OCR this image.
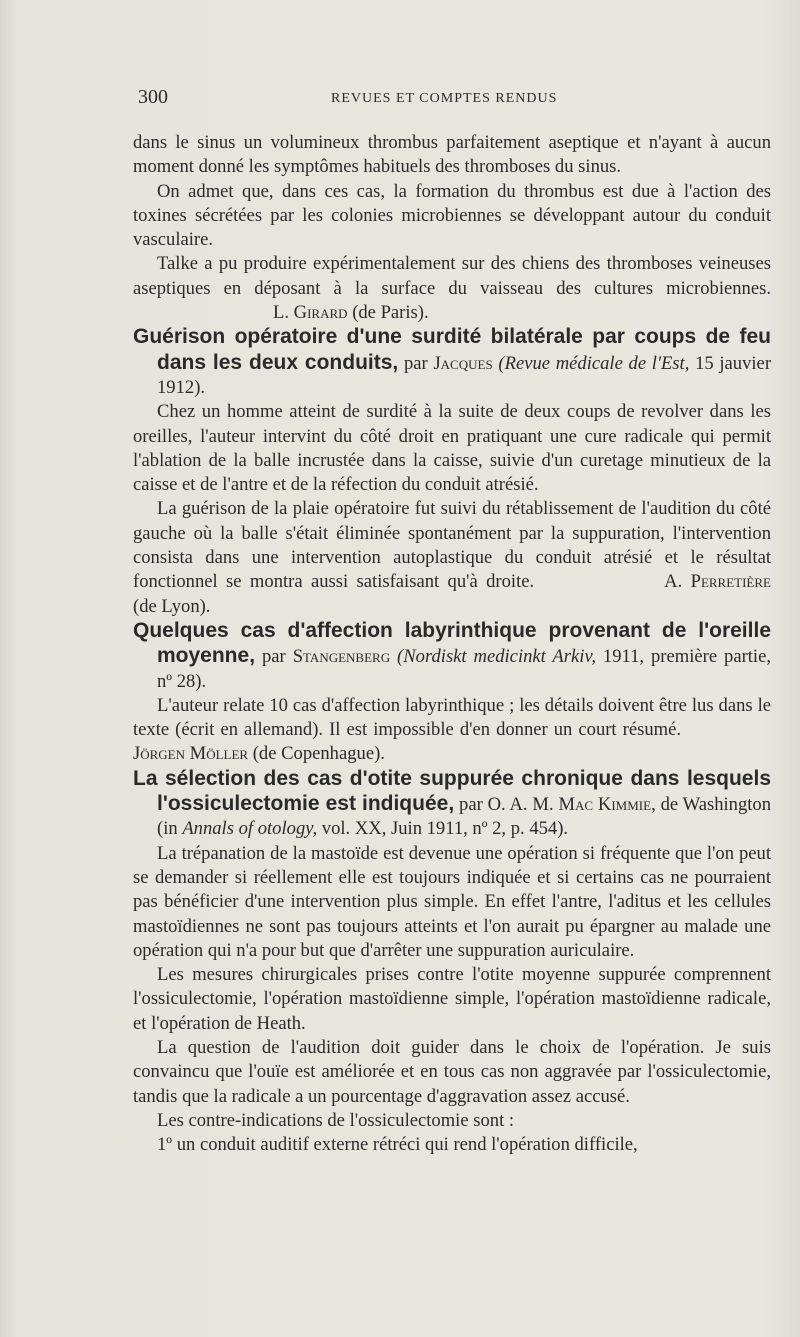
300	REVUES ET COMPTES RENDUS

dans le sinus un volumineux thrombus parfaitement aseptique et n'ayant à aucun moment donné les symptômes habituels des thromboses du sinus.

On admet que, dans ces cas, la formation du thrombus est due à l'action des toxines sécrétées par les colonies microbiennes se développant autour du conduit vasculaire.

Talke a pu produire expérimentalement sur des chiens des thromboses veineuses aseptiques en déposant à la surface du vaisseau des cultures microbiennes.L. Girard (de Paris).

Guérison opératoire d'une surdité bilatérale par coups de feu dans les deux conduits, par Jacques (Revue médicale de l'Est, 15 jauvier 1912).

Chez un homme atteint de surdité à la suite de deux coups de revolver dans les oreilles, l'auteur intervint du côté droit en pratiquant une cure radicale qui permit l'ablation de la balle incrustée dans la caisse, suivie d'un curetage minutieux de la caisse et de l'antre et de la réfection du conduit atrésié.

La guérison de la plaie opératoire fut suivi du rétablissement de l'audition du côté gauche où la balle s'était éliminée spontanément par la suppuration, l'intervention consista dans une intervention autoplastique du conduit atrésié et le résultat fonctionnel se montra aussi satisfaisant qu'à droite.	A. Perretière (de Lyon).

Quelques cas d'affection labyrinthique provenant de l'oreille moyenne, par Stangenberg (Nordiskt medicinkt Arkiv, 1911, première partie, nº 28).

L'auteur relate 10 cas d'affection labyrinthique ; les détails doivent être lus dans le texte (écrit en allemand). Il est impossible d'en donner un court résumé.Jörgen Möller (de Copenhague).

La sélection des cas d'otite suppurée chronique dans lesquels l'ossiculectomie est indiquée, par O. A. M. Mac Kimmie, de Washington (in Annals of otology, vol. XX, Juin 1911, nº 2, p. 454).

La trépanation de la mastoïde est devenue une opération si fréquente que l'on peut se demander si réellement elle est toujours indiquée et si certains cas ne pourraient pas bénéficier d'une intervention plus simple. En effet l'antre, l'aditus et les cellules mastoïdiennes ne sont pas toujours atteints et l'on aurait pu épargner au malade une opération qui n'a pour but que d'arrêter une suppuration auriculaire.

Les mesures chirurgicales prises contre l'otite moyenne suppurée comprennent l'ossiculectomie, l'opération mastoïdienne simple, l'opération mastoïdienne radicale, et l'opération de Heath.

La question de l'audition doit guider dans le choix de l'opération. Je suis convaincu que l'ouïe est améliorée et en tous cas non aggravée par l'ossiculectomie, tandis que la radicale a un pourcentage d'aggravation assez accusé.

Les contre-indications de l'ossiculectomie sont :

1º un conduit auditif externe rétréci qui rend l'opération difficile,
